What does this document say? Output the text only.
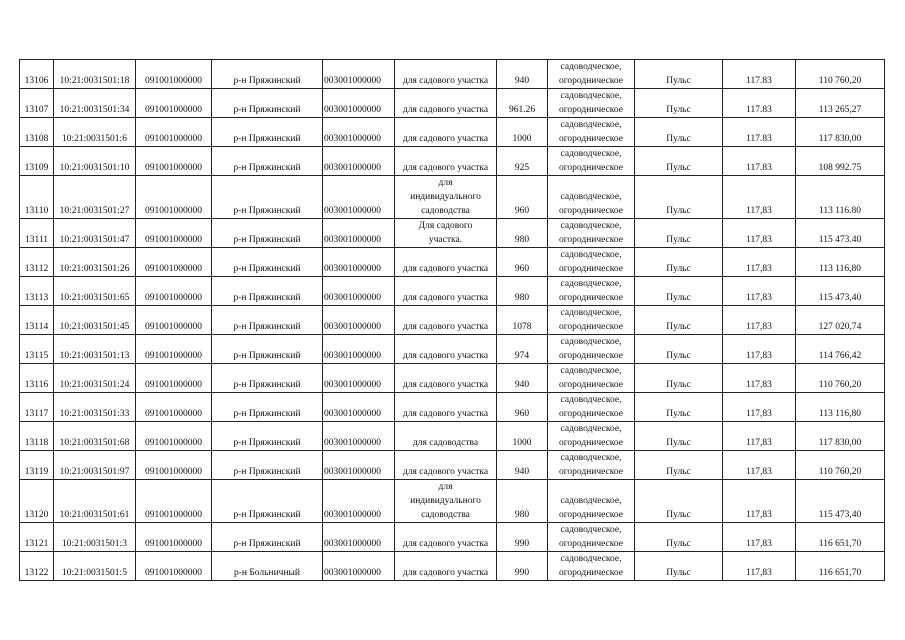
13106	10:21:0031501:18	091001000000	р-н Пряжинский	003001000000	для садового участка	940	садоводческое,
огородническое	Пульс	117.83	110 760,20
13107	10:21:0031501:34	091001000000	р-н Пряжинский	003001000000	для садового участка	961.26	садоводческое,
огородническое	Пульс	117.83	113 265,27
13108	10:21:0031501:6	091001000000	р-н Пряжинский	003001000000	для садового участка	1000	садоводческое,
огородническое	Пульс	117.83	117 830,00
13109	10:21:0031501:10	091001000000	р-н Пряжинский	003001000000	для садового участка	925	садоводческое,
огородническое	Пульс	117.83	108 992.75
13110	10:21:0031501:27	091001000000	р-н Пряжинский	003001000000	для
индивидуального
садоводства	960	садоводческое,
огородническое	Пульс	117,83	113 116.80
13111	10:21:0031501:47	091001000000	р-н Пряжинский	003001000000	Для садового
участка.	980	садоводческое,
огородническое	Пульс	117,83	115 473.40
13112	10:21:0031501:26	091001000000	р-н Пряжинский	003001000000	для садового участка	960	садоводческое,
огородническое	Пульс	117,83	113 116,80
13113	10:21:0031501:65	091001000000	р-н Пряжинский	003001000000	для садового участка	980	садоводческое,
огородническое	Пульс	117,83	115 473,40
13114	10:21:0031501:45	091001000000	р-н Пряжинский	003001000000	для садового участка	1078	садоводческое,
огородническое	Пульс	117,83	127 020,74
13115	10:21:0031501:13	091001000000	р-н Пряжинский	003001000000	для садового участка	974	садоводческое,
огородническое	Пульс	117,83	114 766,42
13116	10:21:0031501:24	091001000000	р-н Пряжинский	003001000000	для садового участка	940	садоводческое,
огородническое	Пульс	117,83	110 760,20
13117	10:21:0031501:33	091001000000	р-н Пряжинский	003001000000	для садового участка	960	садоводческое,
огородническое	Пульс	117,83	113 116,80
13118	10:21:0031501:68	091001000000	р-н Пряжинский	003001000000	для садоводства	1000	садоводческое,
огородническое	Пульс	117,83	117 830,00
13119	10:21:0031501:97	091001000000	р-н Пряжинский	003001000000	для садового участка	940	садоводческое,
огородническое	Пульс	117,83	110 760,20
13120	10:21:0031501:61	091001000000	р-н Пряжинский	003001000000	для
индивидуального
садоводства	980	садоводческое,
огородническое	Пульс	117,83	115 473,40
13121	10:21:0031501:3	091001000000	р-н Пряжинский	003001000000	для садового участка	990	садоводческое,
огородническое	Пульс	117,83	116 651,70
13122	10:21:0031501:5	091001000000	р-н Больничный	003001000000	для садового участка	990	садоводческое,
огородническое	Пульс	117,83	116 651,70
